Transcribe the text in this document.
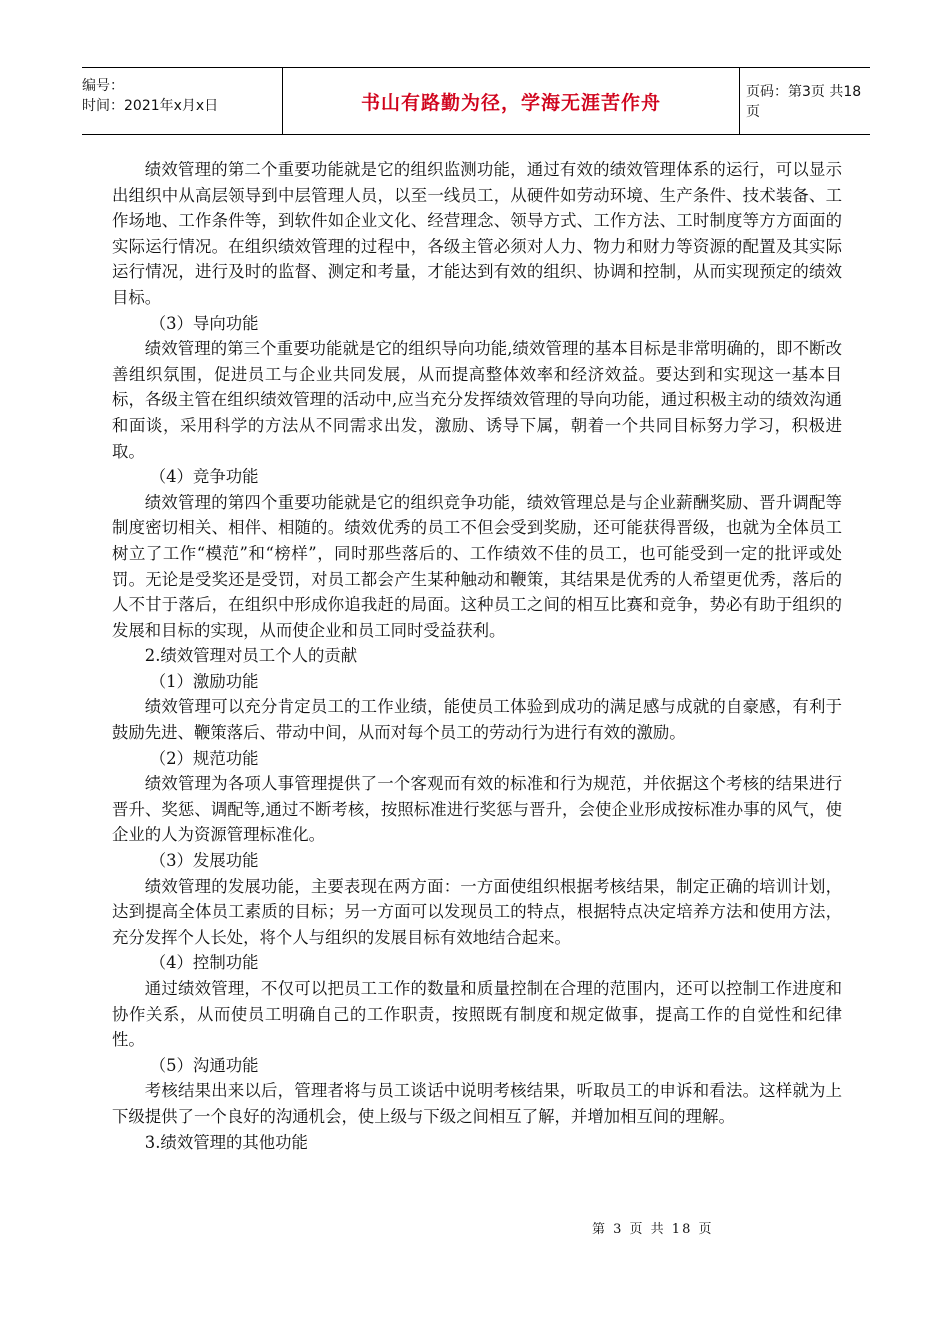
编号：
时间：2021年x月x日	书山有路勤为径，学海无涯苦作舟	页码：第3页 共18页

绩效管理的第二个重要功能就是它的组织监测功能，通过有效的绩效管理体系的运行，可以显示出组织中从高层领导到中层管理人员，以至一线员工，从硬件如劳动环境、生产条件、技术装备、工作场地、工作条件等，到软件如企业文化、经营理念、领导方式、工作方法、工时制度等方方面面的实际运行情况。在组织绩效管理的过程中，各级主管必须对人力、物力和财力等资源的配置及其实际运行情况，进行及时的监督、测定和考量，才能达到有效的组织、协调和控制，从而实现预定的绩效目标。

（3）导向功能

绩效管理的第三个重要功能就是它的组织导向功能,绩效管理的基本目标是非常明确的，即不断改善组织氛围，促进员工与企业共同发展，从而提高整体效率和经济效益。要达到和实现这一基本目标，各级主管在组织绩效管理的活动中,应当充分发挥绩效管理的导向功能，通过积极主动的绩效沟通和面谈，采用科学的方法从不同需求出发，激励、诱导下属，朝着一个共同目标努力学习，积极进取。

（4）竞争功能

绩效管理的第四个重要功能就是它的组织竞争功能，绩效管理总是与企业薪酬奖励、晋升调配等制度密切相关、相伴、相随的。绩效优秀的员工不但会受到奖励，还可能获得晋级，也就为全体员工树立了工作“模范”和“榜样”，同时那些落后的、工作绩效不佳的员工，也可能受到一定的批评或处罚。无论是受奖还是受罚，对员工都会产生某种触动和鞭策，其结果是优秀的人希望更优秀，落后的人不甘于落后，在组织中形成你追我赶的局面。这种员工之间的相互比赛和竞争，势必有助于组织的发展和目标的实现，从而使企业和员工同时受益获利。

2.绩效管理对员工个人的贡献

（1）激励功能

绩效管理可以充分肯定员工的工作业绩，能使员工体验到成功的满足感与成就的自豪感，有利于鼓励先进、鞭策落后、带动中间，从而对每个员工的劳动行为进行有效的激励。

（2）规范功能

绩效管理为各项人事管理提供了一个客观而有效的标准和行为规范，并依据这个考核的结果进行晋升、奖惩、调配等,通过不断考核，按照标准进行奖惩与晋升，会使企业形成按标准办事的风气，使企业的人为资源管理标准化。

（3）发展功能

绩效管理的发展功能，主要表现在两方面：一方面使组织根据考核结果，制定正确的培训计划，达到提高全体员工素质的目标；另一方面可以发现员工的特点，根据特点决定培养方法和使用方法，充分发挥个人长处，将个人与组织的发展目标有效地结合起来。

（4）控制功能

通过绩效管理，不仅可以把员工工作的数量和质量控制在合理的范围内，还可以控制工作进度和协作关系，从而使员工明确自己的工作职责，按照既有制度和规定做事，提高工作的自觉性和纪律性。

（5）沟通功能

考核结果出来以后，管理者将与员工谈话中说明考核结果，听取员工的申诉和看法。这样就为上下级提供了一个良好的沟通机会，使上级与下级之间相互了解，并增加相互间的理解。

3.绩效管理的其他功能

第 3 页 共 18 页
